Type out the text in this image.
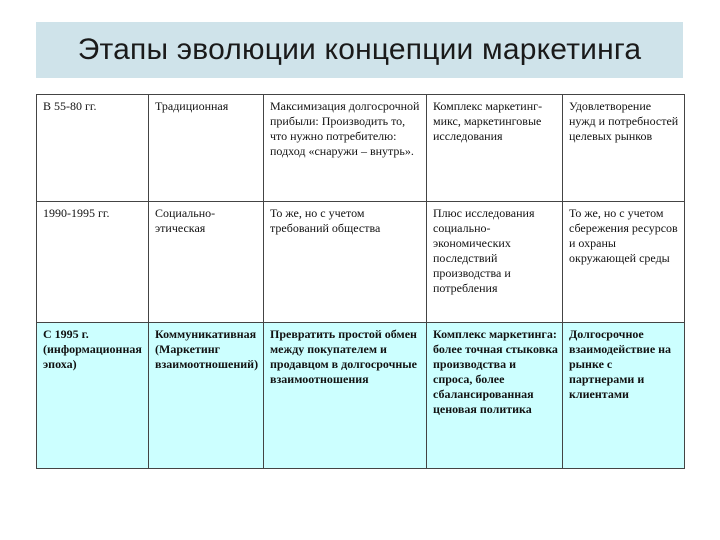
Этапы эволюции концепции маркетинга
В 55-80 гг.	Традиционная	Максимизация долгосрочной прибыли: Производить то, что нужно потребителю: подход «снаружи – внутрь».	Комплекс маркетинг-микс, маркетинговые исследования	Удовлетворение нужд и потребностей целевых рынков
1990-1995 гг.	Социально-этическая	То же, но с учетом требований общества	Плюс исследования социально-экономических последствий производства и потребления	То же, но с учетом сбережения ресурсов и охраны окружающей среды
С 1995 г. (информационная эпоха)	Коммуникативная (Маркетинг взаимоотношений)	Превратить простой обмен между покупателем и продавцом в долгосрочные взаимоотношения	Комплекс маркетинга: более точная стыковка производства и спроса, более сбалансированная ценовая политика	Долгосрочное взаимодействие на рынке с партнерами и клиентами
